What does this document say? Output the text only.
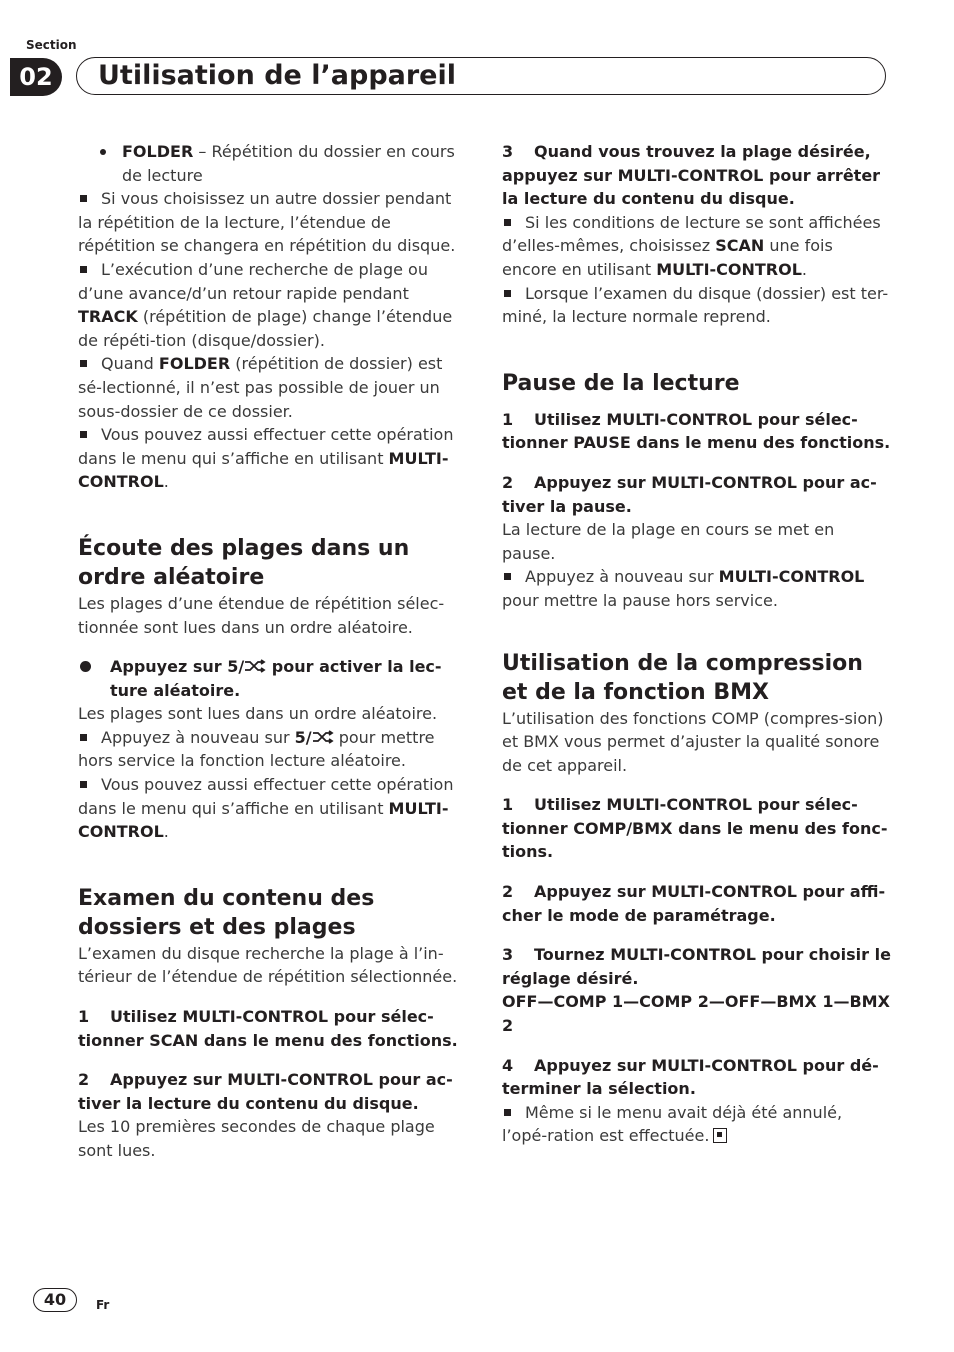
Section
02	Utilisation de l’appareil

FOLDER – Répétition du dossier en cours de lecture

Si vous choisissez un autre dossier pendant la répétition de la lecture, l’étendue de répétition se changera en répétition du disque.

L’exécution d’une recherche de plage ou d’une avance/d’un retour rapide pendant TRACK (répétition de plage) change l’étendue de répéti-tion (disque/dossier).

Quand FOLDER (répétition de dossier) est sé-lectionné, il n’est pas possible de jouer un sous-dossier de ce dossier.

Vous pouvez aussi effectuer cette opération dans le menu qui s’affiche en utilisant MULTI-CONTROL.

Écoute des plages dans un ordre aléatoire

Les plages d’une étendue de répétition sélec-tionnée sont lues dans un ordre aléatoire.

Appuyez sur 5/ pour activer la lec-ture aléatoire.

Les plages sont lues dans un ordre aléatoire.

Appuyez à nouveau sur 5/ pour mettre hors service la fonction lecture aléatoire.

Vous pouvez aussi effectuer cette opération dans le menu qui s’affiche en utilisant MULTI-CONTROL.

Examen du contenu des dossiers et des plages

L’examen du disque recherche la plage à l’in-térieur de l’étendue de répétition sélectionnée.

1 Utilisez MULTI-CONTROL pour sélec-tionner SCAN dans le menu des fonctions.

2 Appuyez sur MULTI-CONTROL pour ac-tiver la lecture du contenu du disque.

Les 10 premières secondes de chaque plage sont lues.

3 Quand vous trouvez la plage désirée, appuyez sur MULTI-CONTROL pour arrêter la lecture du contenu du disque.

Si les conditions de lecture se sont affichées d’elles-mêmes, choisissez SCAN une fois encore en utilisant MULTI-CONTROL.

Lorsque l’examen du disque (dossier) est ter-miné, la lecture normale reprend.

Pause de la lecture

1 Utilisez MULTI-CONTROL pour sélec-tionner PAUSE dans le menu des fonctions.

2 Appuyez sur MULTI-CONTROL pour ac-tiver la pause.

La lecture de la plage en cours se met en pause.

Appuyez à nouveau sur MULTI-CONTROL pour mettre la pause hors service.

Utilisation de la compression et de la fonction BMX

L’utilisation des fonctions COMP (compres-sion) et BMX vous permet d’ajuster la qualité sonore de cet appareil.

1 Utilisez MULTI-CONTROL pour sélec-tionner COMP/BMX dans le menu des fonc-tions.

2 Appuyez sur MULTI-CONTROL pour affi-cher le mode de paramétrage.

3 Tournez MULTI-CONTROL pour choisir le réglage désiré.

OFF—COMP 1—COMP 2—OFF—BMX 1—BMX 2

4 Appuyez sur MULTI-CONTROL pour dé-terminer la sélection.

Même si le menu avait déjà été annulé, l’opé-ration est effectuée.

40	Fr
